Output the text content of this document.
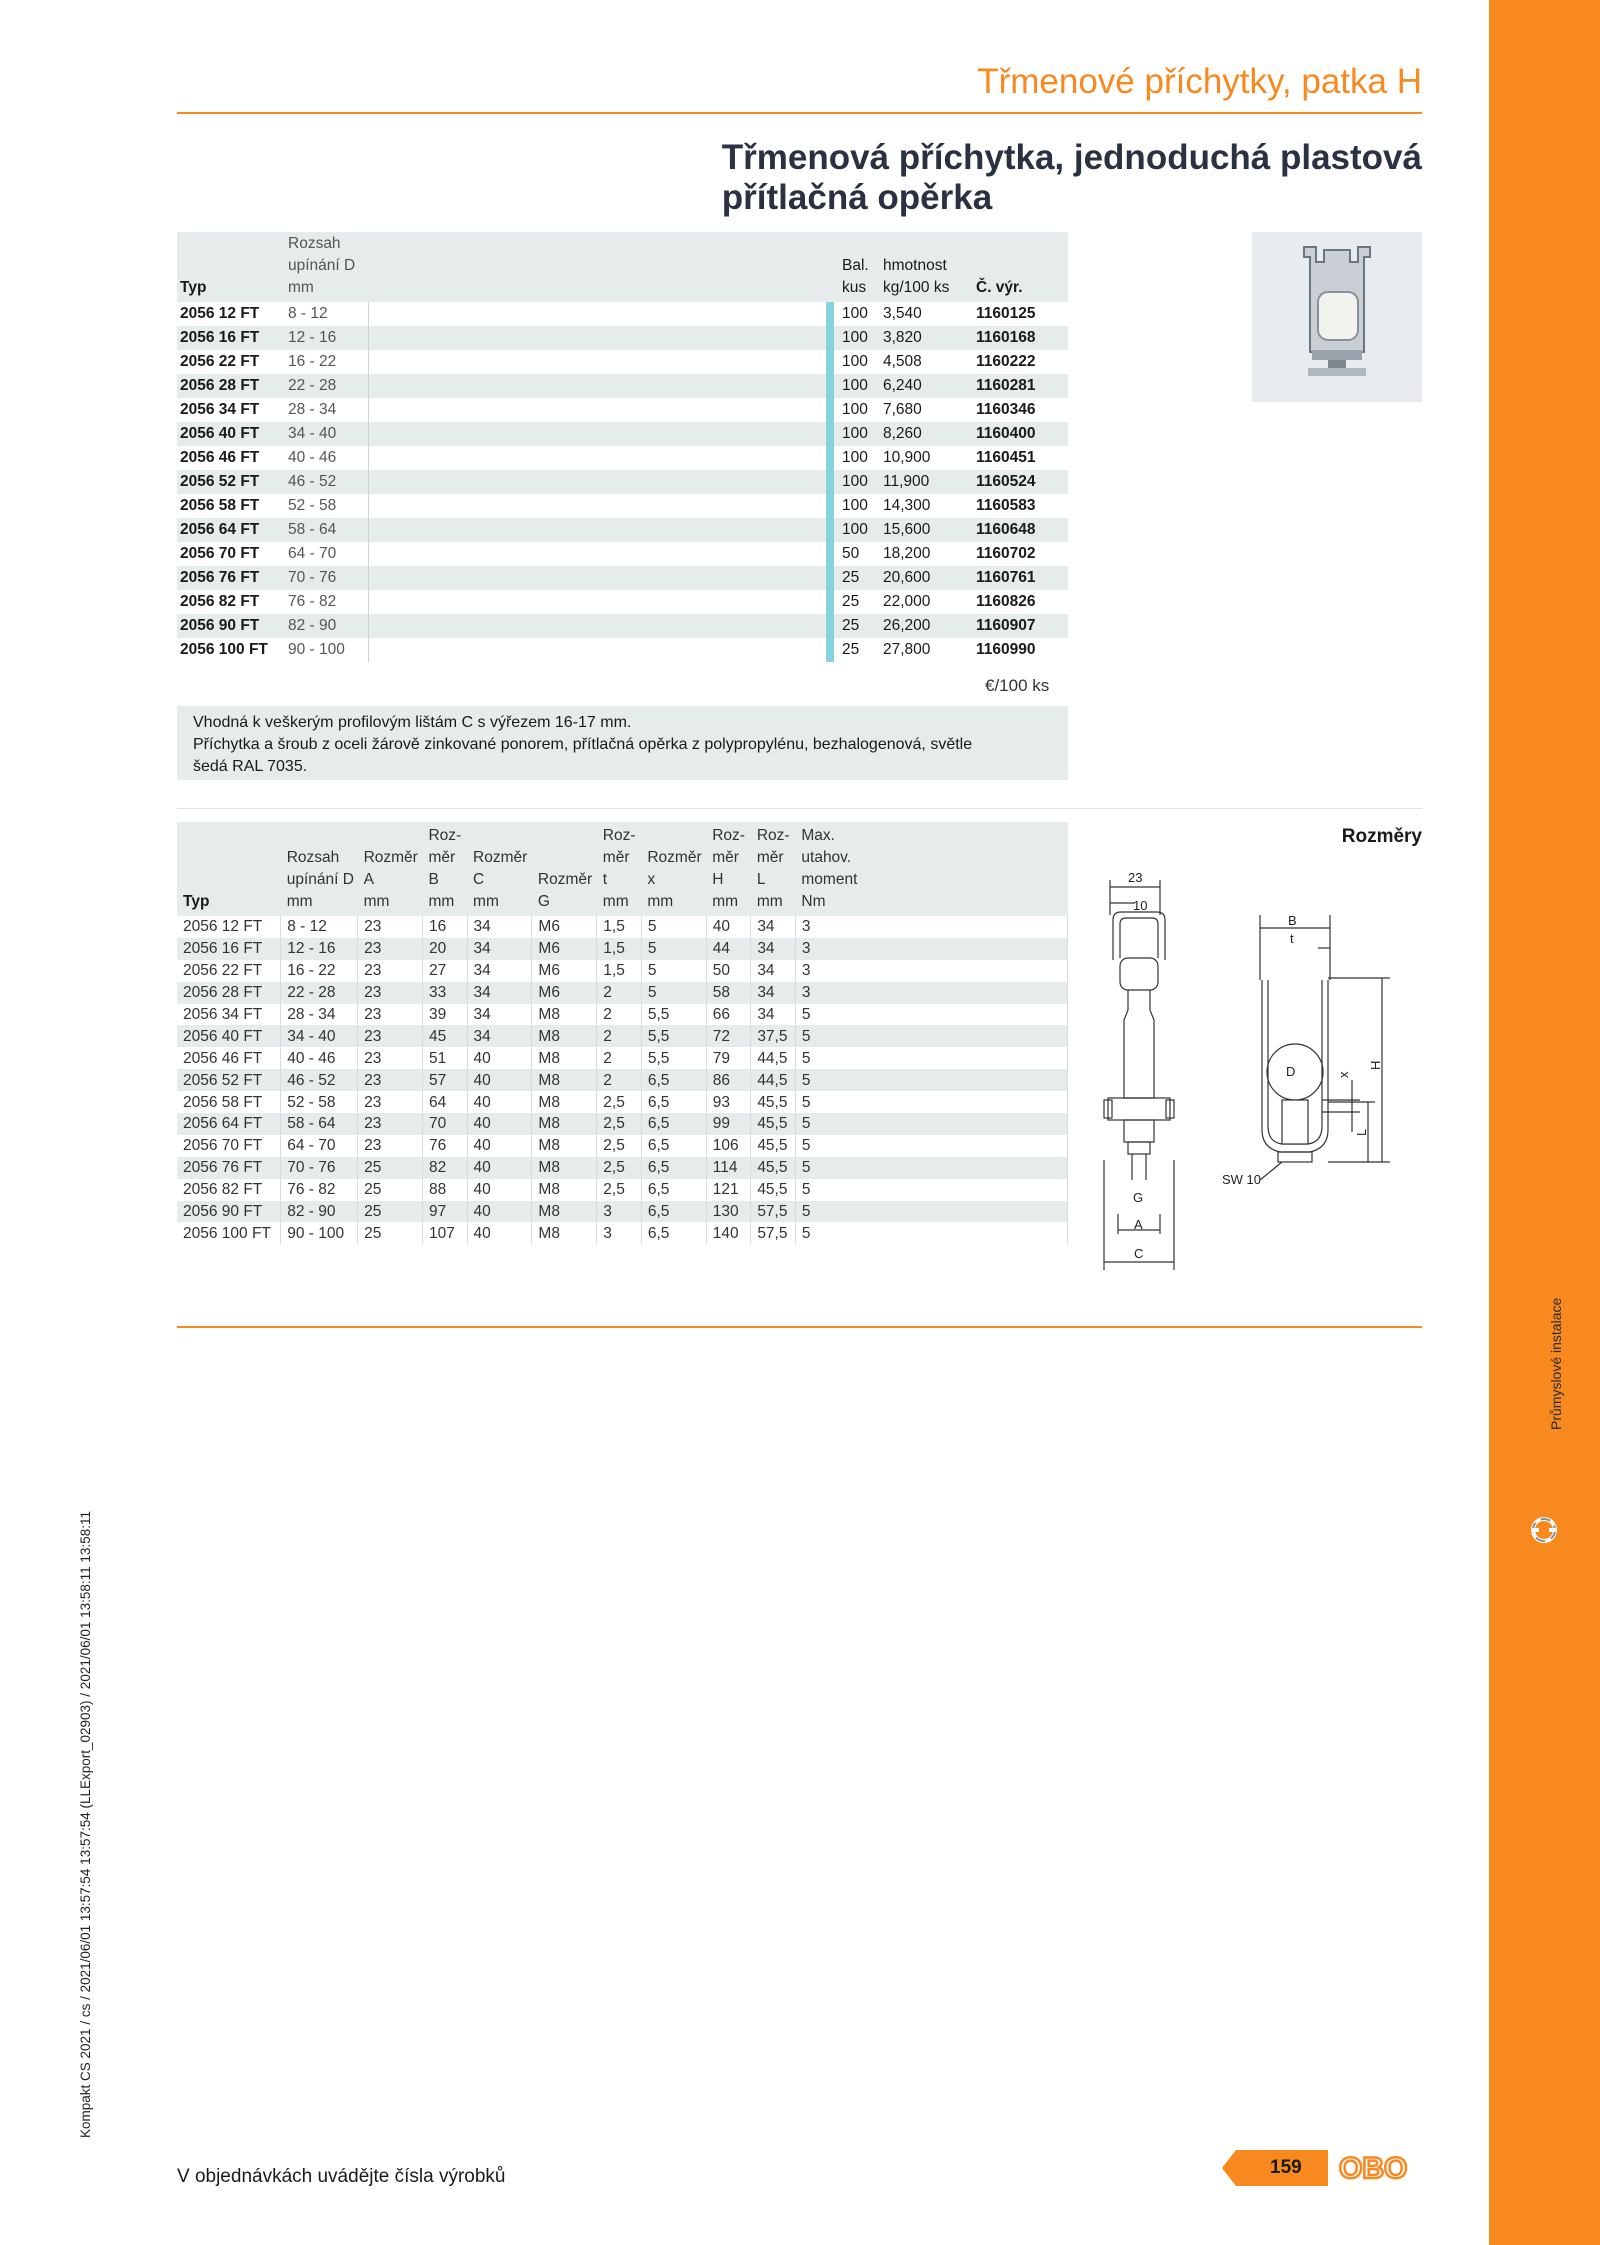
Průmyslové instalace
Kompakt CS 2021 / cs / 2021/06/01 13:57:54 13:57:54 (LLExport_02903) / 2021/06/01 13:58:11 13:58:11
Třmenové příchytky, patka H
Třmenová příchytka, jednoduchá plastová
přítlačná opěrka
Typ	Rozsah
upínání D
mm			Bal.
kus	hmotnost
kg/100 ks	Č. výr.
2056 12 FT	8 - 12			100	3,540	1160125
2056 16 FT	12 - 16			100	3,820	1160168
2056 22 FT	16 - 22			100	4,508	1160222
2056 28 FT	22 - 28			100	6,240	1160281
2056 34 FT	28 - 34			100	7,680	1160346
2056 40 FT	34 - 40			100	8,260	1160400
2056 46 FT	40 - 46			100	10,900	1160451
2056 52 FT	46 - 52			100	11,900	1160524
2056 58 FT	52 - 58			100	14,300	1160583
2056 64 FT	58 - 64			100	15,600	1160648
2056 70 FT	64 - 70			50	18,200	1160702
2056 76 FT	70 - 76			25	20,600	1160761
2056 82 FT	76 - 82			25	22,000	1160826
2056 90 FT	82 - 90			25	26,200	1160907
2056 100 FT	90 - 100			25	27,800	1160990
€/100 ks
Vhodná k veškerým profilovým lištám C s výřezem 16-17 mm.
Příchytka a šroub z oceli žárově zinkované ponorem, přítlačná opěrka z polypropylénu, bezhalogenová, světle
šedá RAL 7035.
Typ	Rozsah
upínání D
mm	Rozměr
A
mm	Roz-
měr
B
mm	Rozměr
C
mm	Rozměr
G	Roz-
měr
t
mm	Rozměr
x
mm	Roz-
měr
H
mm	Roz-
měr
L
mm	Max.
utahov.
moment
Nm
2056 12 FT	8 - 12	23	16	34	M6	1,5	5	40	34	3
2056 16 FT	12 - 16	23	20	34	M6	1,5	5	44	34	3
2056 22 FT	16 - 22	23	27	34	M6	1,5	5	50	34	3
2056 28 FT	22 - 28	23	33	34	M6	2	5	58	34	3
2056 34 FT	28 - 34	23	39	34	M8	2	5,5	66	34	5
2056 40 FT	34 - 40	23	45	34	M8	2	5,5	72	37,5	5
2056 46 FT	40 - 46	23	51	40	M8	2	5,5	79	44,5	5
2056 52 FT	46 - 52	23	57	40	M8	2	6,5	86	44,5	5
2056 58 FT	52 - 58	23	64	40	M8	2,5	6,5	93	45,5	5
2056 64 FT	58 - 64	23	70	40	M8	2,5	6,5	99	45,5	5
2056 70 FT	64 - 70	23	76	40	M8	2,5	6,5	106	45,5	5
2056 76 FT	70 - 76	25	82	40	M8	2,5	6,5	114	45,5	5
2056 82 FT	76 - 82	25	88	40	M8	2,5	6,5	121	45,5	5
2056 90 FT	82 - 90	25	97	40	M8	3	6,5	130	57,5	5
2056 100 FT	90 - 100	25	107	40	M8	3	6,5	140	57,5	5
Rozměry
23
10
G
A
C
B
t
D
SW 10
H
x
L
V objednávkách uvádějte čísla výrobků	159 OBO
